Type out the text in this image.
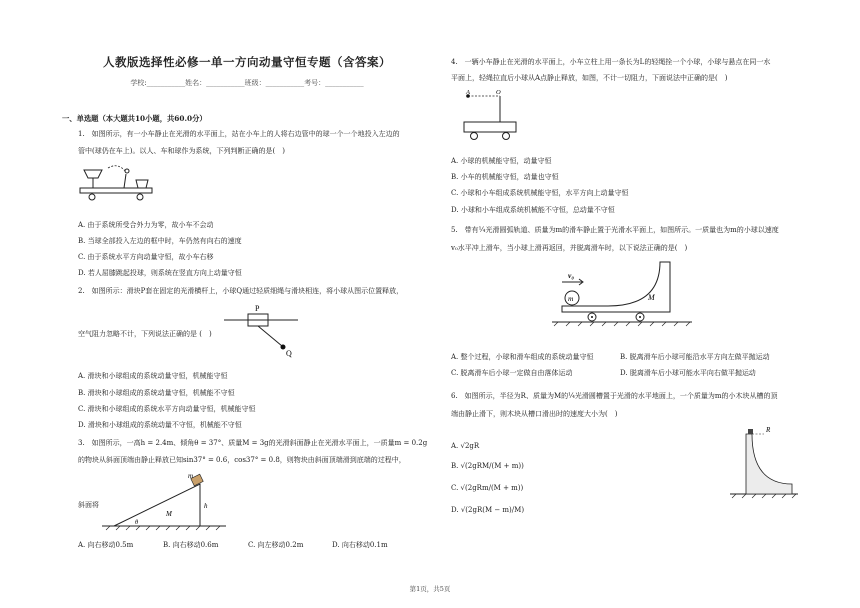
人教版选择性必修一单一方向动量守恒专题（含答案）
学校:___________姓名：___________班级：___________考号：___________
一、单选题（本大题共10小题，共60.0分）
1.　如图所示，有一小车静止在光滑的水平面上，站在小车上的人将右边管中的球一个一个地投入左边的
管中(球仍在车上)。以人、车和球作为系统，下列判断正确的是(　)
A. 由于系统所受合外力为零，故小车不会动
B. 当球全部投入左边的框中时，车仍然有向右的速度
C. 由于系统水平方向动量守恒，故小车右移
D. 若人屈膝跳起投球，则系统在竖直方向上动量守恒
2.　如图所示：滑块P套在固定的光滑横杆上，小球Q通过轻质细绳与滑块相连，将小球从图示位置释放，
P
Q
空气阻力忽略不计，下列说法正确的是 (　)
A. 滑块和小球组成的系统动量守恒，机械能守恒
B. 滑块和小球组成的系统动量守恒，机械能不守恒
C. 滑块和小球组成的系统水平方向动量守恒，机械能守恒
D. 滑块和小球组成的系统动量不守恒，机械能不守恒
3.　如图所示，一高h = 2.4m、倾角θ = 37°、质量M = 3g的光滑斜面静止在光滑水平面上，一质量m = 0.2g
的物块从斜面顶端由静止释放已知sin37° = 0.6，cos37° = 0.8，则物块由斜面顶端滑到底端的过程中，
斜面将
m
M
h
θ
A. 向右移动0.5m	B. 向右移动0.6m	C. 向左移动0.2m	D. 向右移动0.1m
4.　一辆小车静止在光滑的水平面上，小车立柱上用一条长为L的轻绳拴一个小球，小球与悬点在同一水
平面上，轻绳拉直后小球从A点静止释放，如图，不计一切阻力，下面说法中正确的是(　)
A	O
A. 小球的机械能守恒，动量守恒
B. 小车的机械能守恒，动量也守恒
C. 小球和小车组成系统机械能守恒，水平方向上动量守恒
D. 小球和小车组成系统机械能不守恒，总动量不守恒
5.　带有¼光滑圆弧轨道、质量为m的滑车静止置于光滑水平面上，如图所示。一质量也为m的小球以速度
v₀水平冲上滑车，当小球上滑再返回，并脱离滑车时，以下说法正确的是(　)
v₀
m	M
A. 整个过程，小球和滑车组成的系统动量守恒	B. 脱离滑车后小球可能沿水平方向左做平抛运动
C. 脱离滑车后小球一定做自由落体运动	D. 脱离滑车后小球可能水平向右做平抛运动
6.　如图所示，半径为R、质量为M的¼光滑圆槽置于光滑的水平地面上，一个质量为m的小木块从槽的顶
端由静止滑下，则木块从槽口滑出时的速度大小为(　)
R
A. √2gR
B. √(2gRM/(M + m))
C. √(2gRm/(M + m))
D. √(2gR(M − m)/M)
第1页，共5页
